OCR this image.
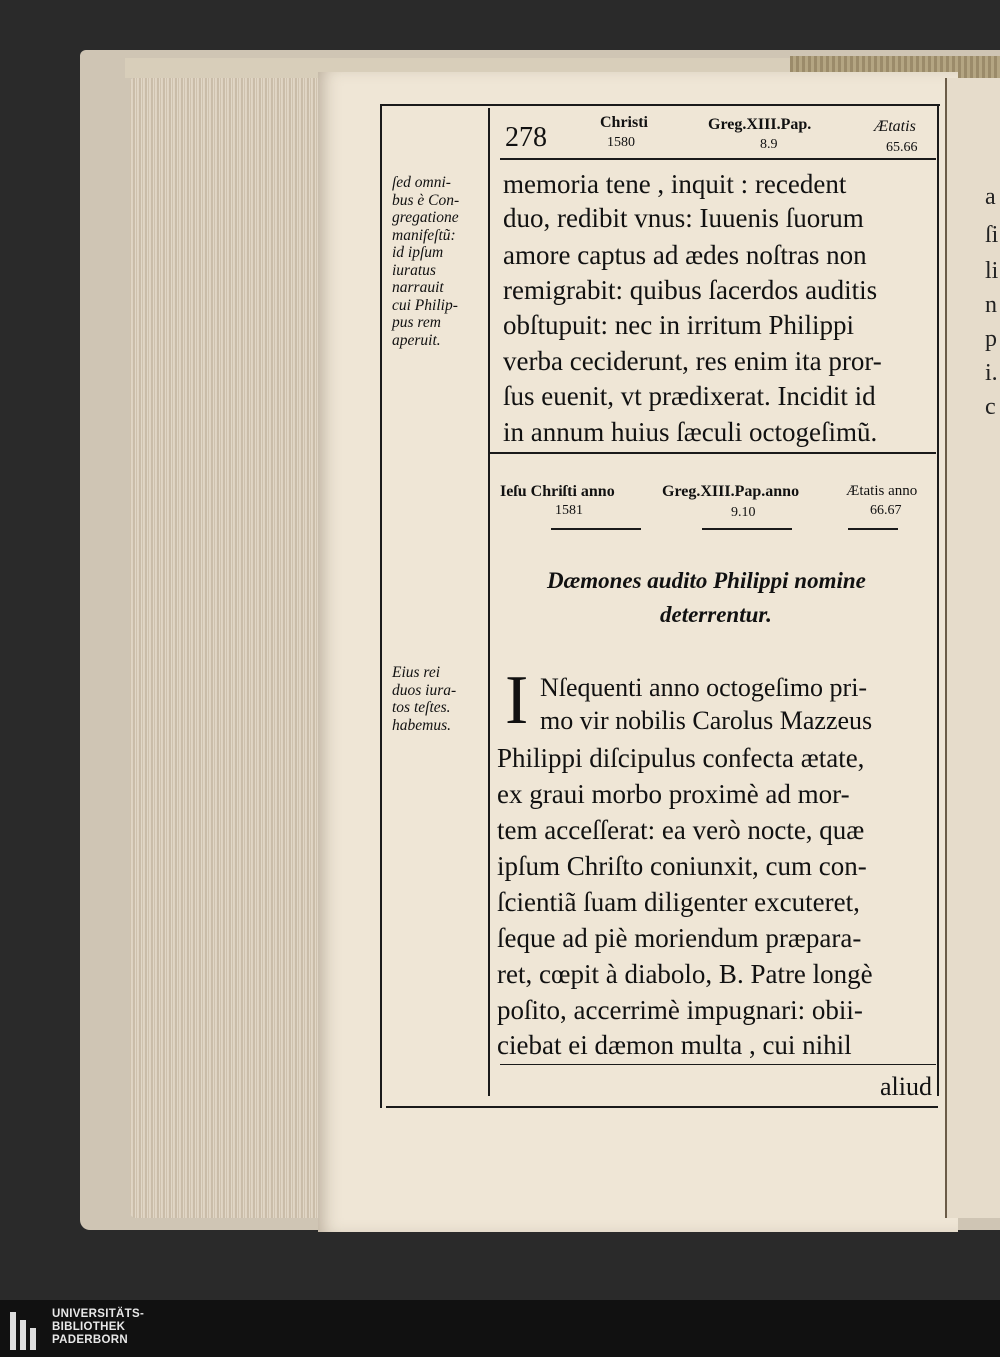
a
ſi
li
n
p
i.
c
278	Christi
1580
Greg.XIII.Pap.
8.9
Ætatis
65.66
ſed omni-
bus è Con-
gregatione
manifeſtũ:
id ipſum
iuratus
narrauit
cui Philip-
pus rem
aperuit.
Eius rei
duos iura-
tos teſtes.
habemus.
memoria tene , inquit : recedent
duo, redibit vnus: Iuuenis ſuorum
amore captus ad ædes noſtras non
remigrabit: quibus ſacerdos auditis
obſtupuit: nec in irritum Philippi
verba ceciderunt, res enim ita pror-
ſus euenit, vt prædixerat. Incidit id
in annum huius ſæculi octogeſimũ.
Ieſu Chriſti anno
1581
Greg.XIII.Pap.anno
9.10
Ætatis anno
66.67
Dæmones audito Philippi nomine
deterrentur.
I Nſequenti anno octogeſimo pri-
mo vir nobilis Carolus Mazzeus
Philippi diſcipulus confecta ætate,
ex graui morbo proximè ad mor-
tem acceſſerat: ea verò nocte, quæ
ipſum Chriſto coniunxit, cum con-
ſcientiã ſuam diligenter excuteret,
ſeque ad piè moriendum præpara-
ret, cœpit à diabolo, B. Patre longè
poſito, accerrimè impugnari: obii-
ciebat ei dæmon multa , cui nihil
aliud
UNIVERSITÄTS-
BIBLIOTHEK
PADERBORN
